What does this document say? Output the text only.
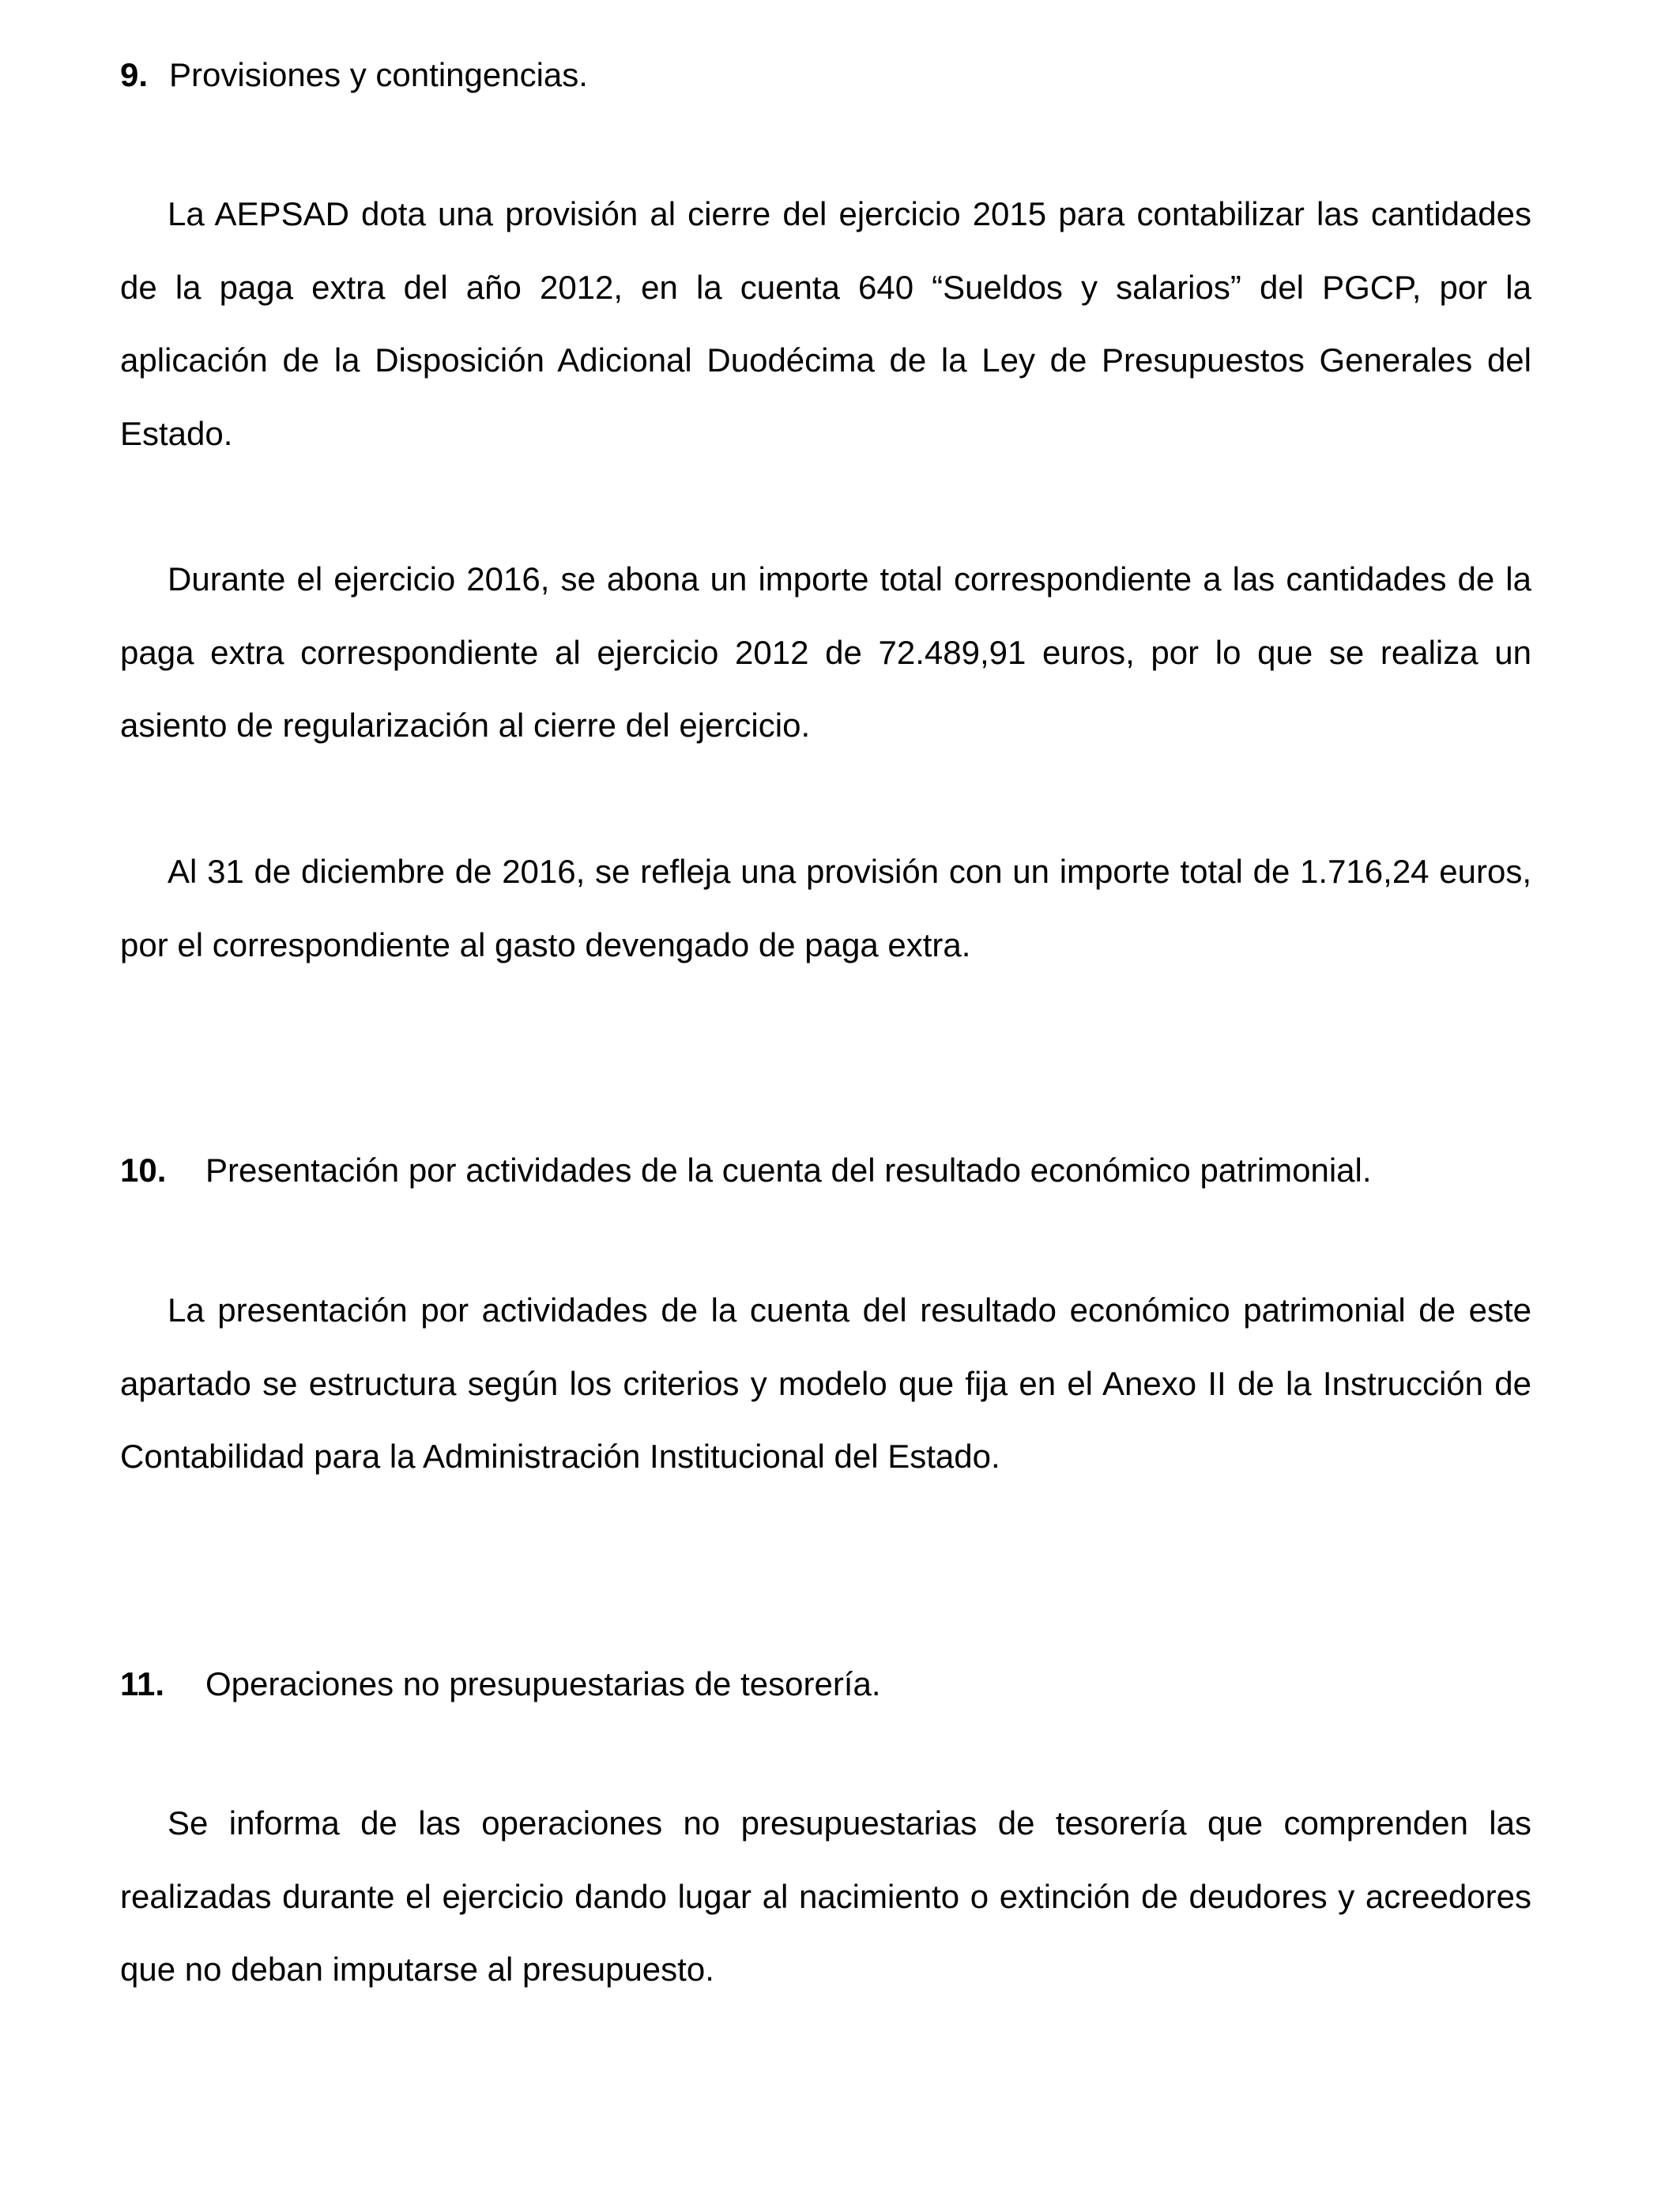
9. Provisiones y contingencias.

La AEPSAD dota una provisión al cierre del ejercicio 2015 para contabilizar las cantidades de la paga extra del año 2012, en la cuenta 640 “Sueldos y salarios” del PGCP, por la aplicación de la Disposición Adicional Duodécima de la Ley de Presupuestos Generales del Estado.

Durante el ejercicio 2016, se abona un importe total correspondiente a las cantidades de la paga extra correspondiente al ejercicio 2012 de 72.489,91 euros, por lo que se realiza un asiento de regularización al cierre del ejercicio.

Al 31 de diciembre de 2016, se refleja una provisión con un importe total de 1.716,24 euros, por el correspondiente al gasto devengado de paga extra.

10. Presentación por actividades de la cuenta del resultado económico patrimonial.

La presentación por actividades de la cuenta del resultado económico patrimonial de este apartado se estructura según los criterios y modelo que fija en el Anexo II de la Instrucción de Contabilidad para la Administración Institucional del Estado.

11. Operaciones no presupuestarias de tesorería.

Se informa de las operaciones no presupuestarias de tesorería que comprenden las realizadas durante el ejercicio dando lugar al nacimiento o extinción de deudores y acreedores que no deban imputarse al presupuesto.
